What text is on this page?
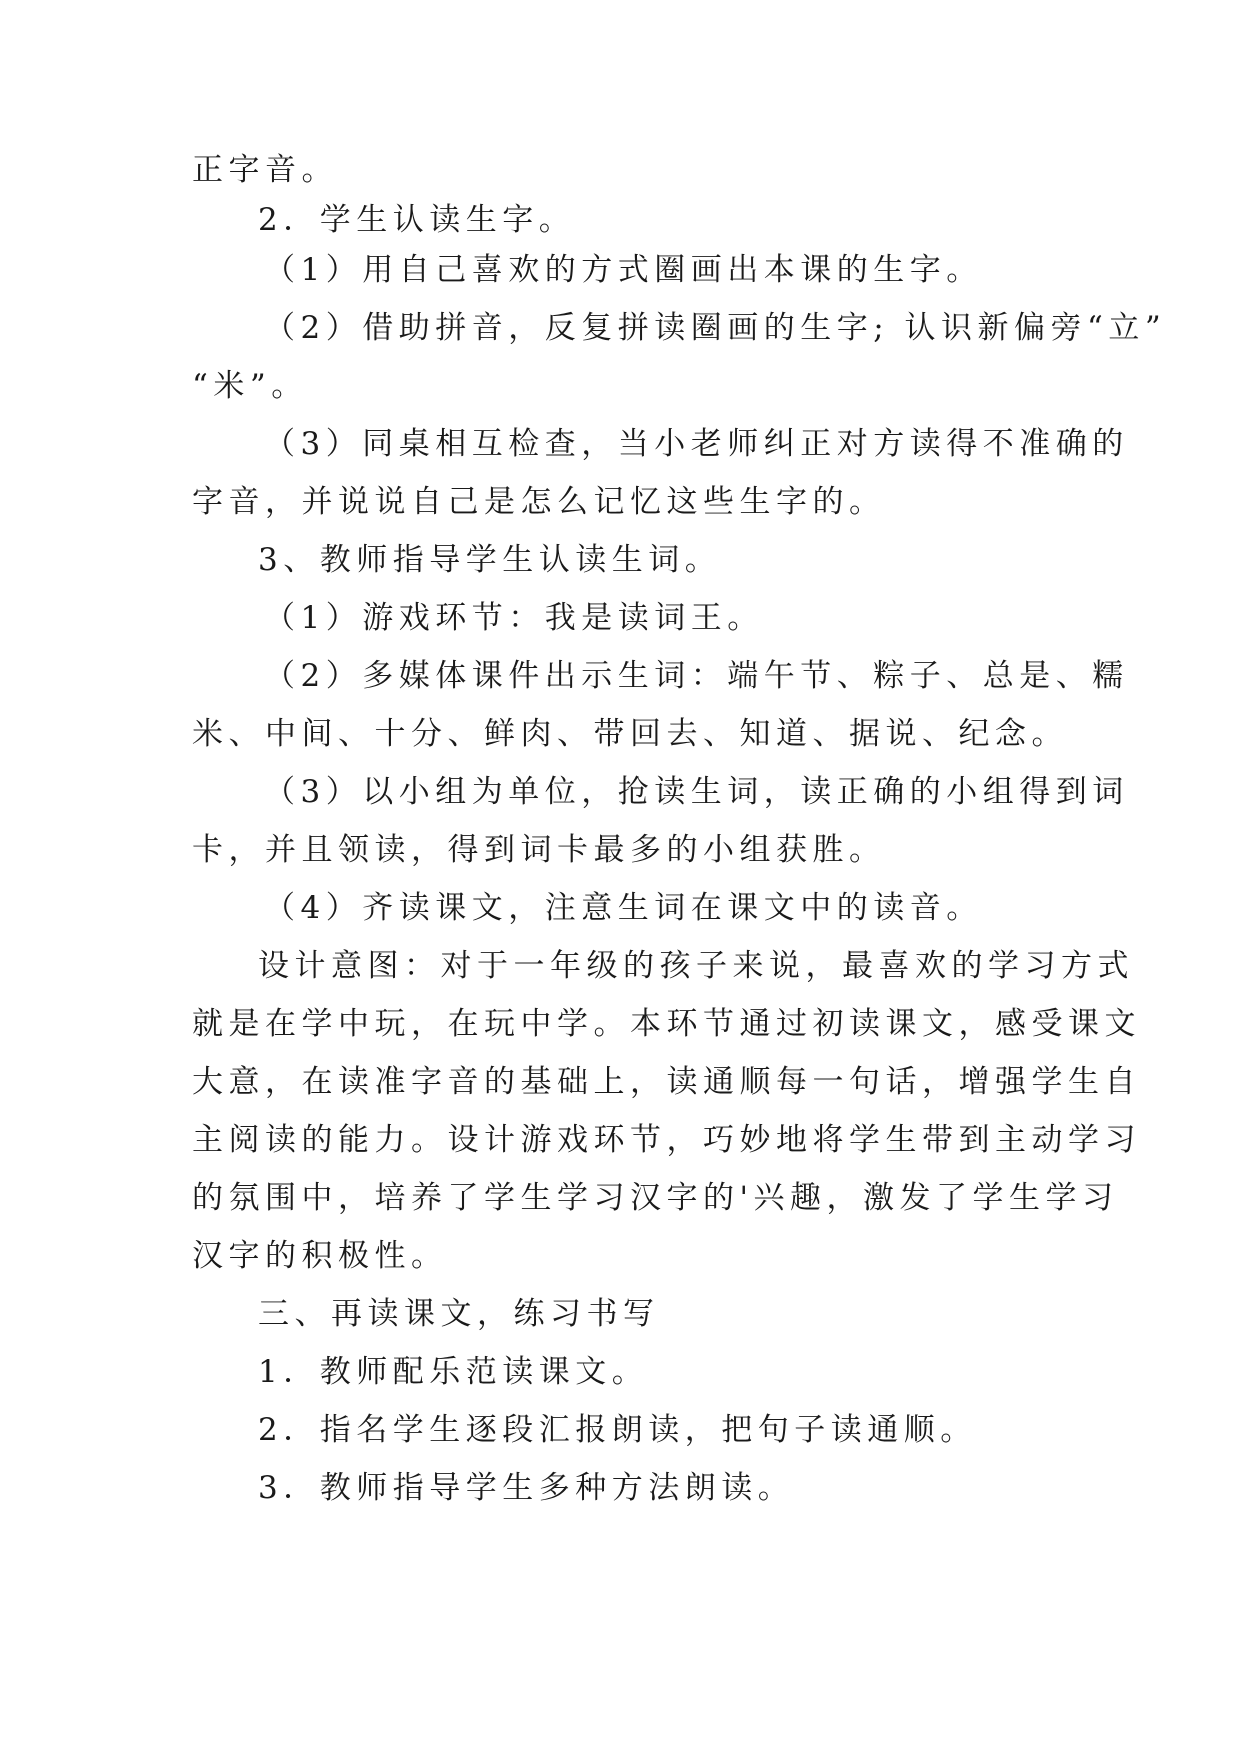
正字音。
2．学生认读生字。
（1）用自己喜欢的方式圈画出本课的生字。
（2）借助拼音，反复拼读圈画的生字; 认识新偏旁“立”
“米”。
（3）同桌相互检查，当小老师纠正对方读得不准确的
字音，并说说自己是怎么记忆这些生字的。
3、教师指导学生认读生词。
（1）游戏环节：我是读词王。
（2）多媒体课件出示生词：端午节、粽子、总是、糯
米、中间、十分、鲜肉、带回去、知道、据说、纪念。
（3）以小组为单位，抢读生词，读正确的小组得到词
卡，并且领读，得到词卡最多的小组获胜。
（4）齐读课文，注意生词在课文中的读音。
设计意图：对于一年级的孩子来说，最喜欢的学习方式
就是在学中玩，在玩中学。本环节通过初读课文，感受课文
大意，在读准字音的基础上，读通顺每一句话，增强学生自
主阅读的能力。设计游戏环节，巧妙地将学生带到主动学习
的氛围中，培养了学生学习汉字的'兴趣，激发了学生学习
汉字的积极性。
三、再读课文，练习书写
1．教师配乐范读课文。
2．指名学生逐段汇报朗读，把句子读通顺。
3．教师指导学生多种方法朗读。
